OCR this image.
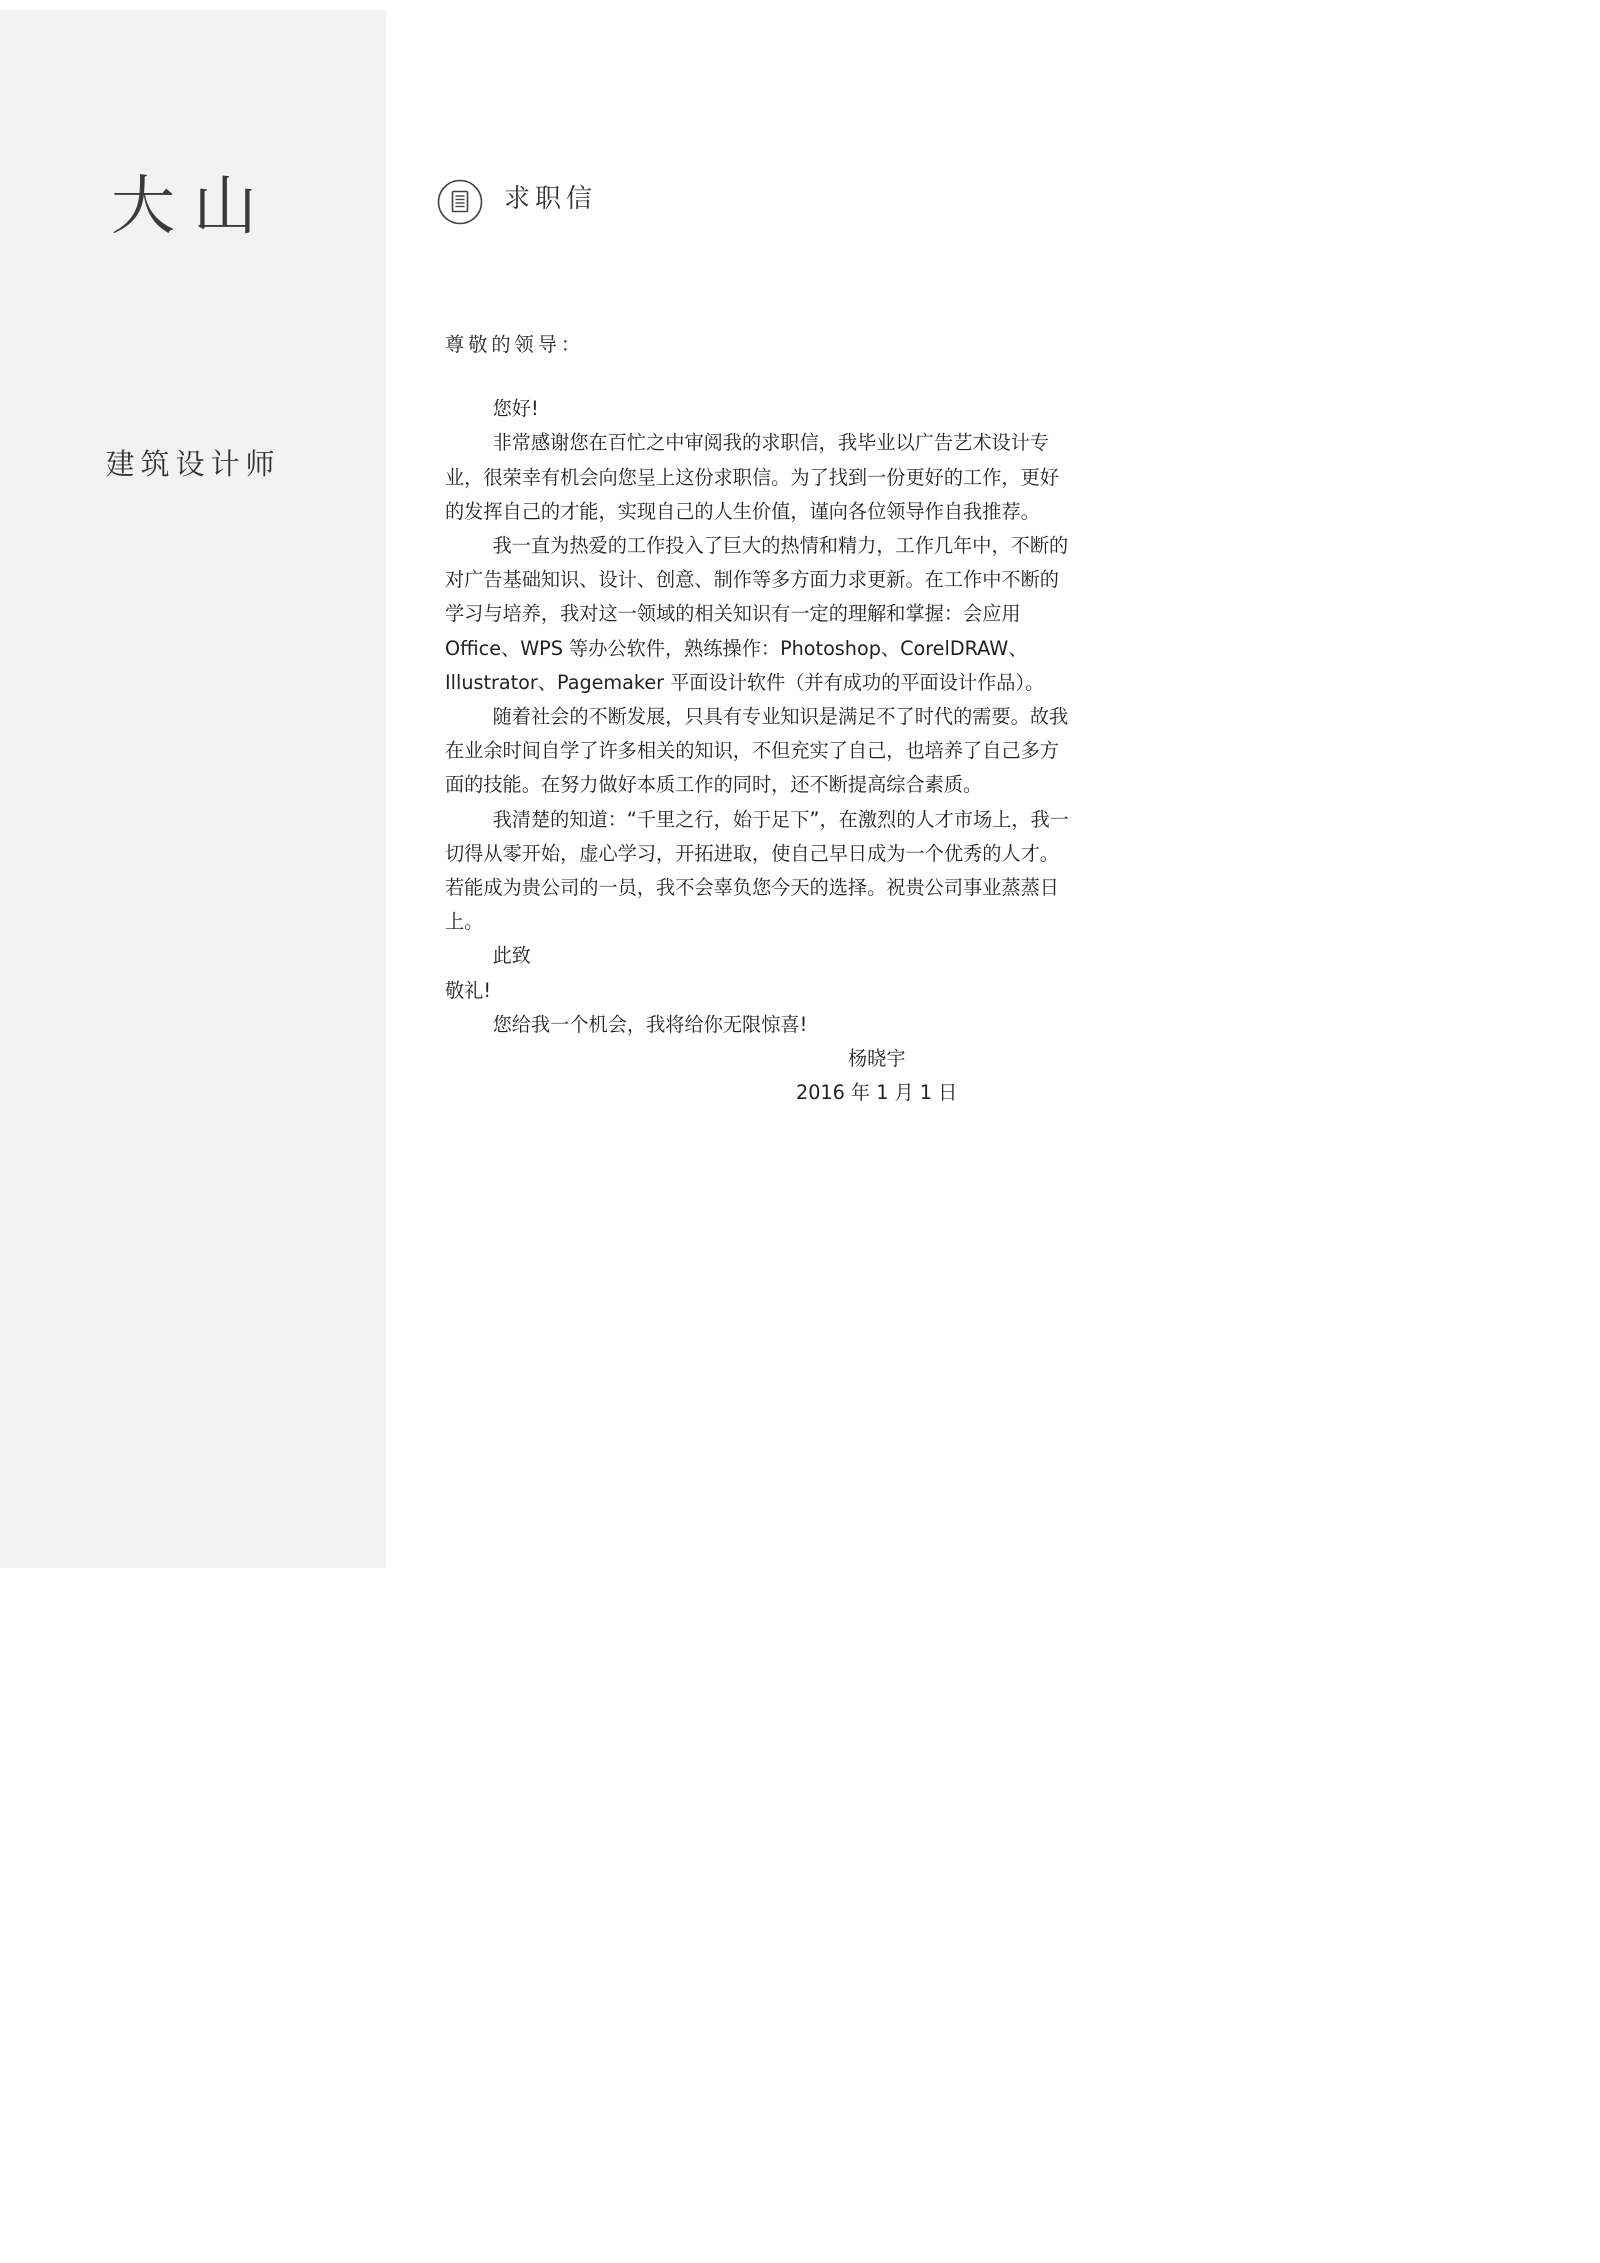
大山
建筑设计师
求职信

尊敬的领导：

您好!

非常感谢您在百忙之中审阅我的求职信，我毕业以广告艺术设计专业，很荣幸有机会向您呈上这份求职信。为了找到一份更好的工作，更好的发挥自己的才能，实现自己的人生价值，谨向各位领导作自我推荐。

我一直为热爱的工作投入了巨大的热情和精力，工作几年中，不断的对广告基础知识、设计、创意、制作等多方面力求更新。在工作中不断的学习与培养，我对这一领域的相关知识有一定的理解和掌握：会应用 Office、WPS 等办公软件，熟练操作：Photoshop、CorelDRAW、Illustrator、Pagemaker 平面设计软件（并有成功的平面设计作品）。

随着社会的不断发展，只具有专业知识是满足不了时代的需要。故我在业余时间自学了许多相关的知识，不但充实了自己，也培养了自己多方面的技能。在努力做好本质工作的同时，还不断提高综合素质。

我清楚的知道：“千里之行，始于足下”，在激烈的人才市场上，我一切得从零开始，虚心学习，开拓进取，使自己早日成为一个优秀的人才。若能成为贵公司的一员，我不会辜负您今天的选择。祝贵公司事业蒸蒸日上。

此致

敬礼!

您给我一个机会，我将给你无限惊喜!

杨晓宇

2016 年 1 月 1 日
